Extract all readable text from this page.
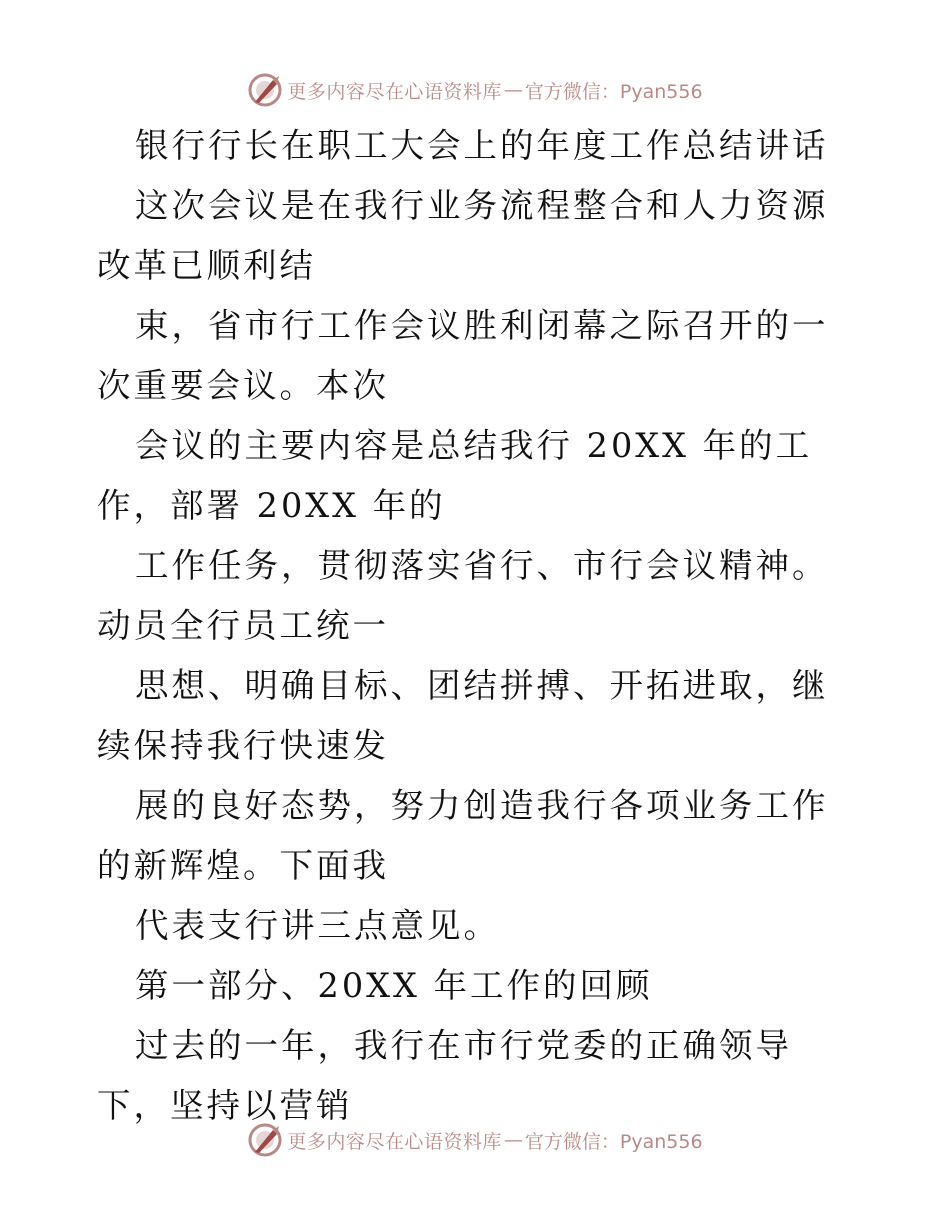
更多内容尽在心语资料库 — 官方微信：Pyan556

银行行长在职工大会上的年度工作总结讲话

这次会议是在我行业务流程整合和人力资源改革已顺利结

束，省市行工作会议胜利闭幕之际召开的一次重要会议。本次

会议的主要内容是总结我行 20XX 年的工作，部署 20XX 年的

工作任务，贯彻落实省行、市行会议精神。动员全行员工统一

思想、明确目标、团结拼搏、开拓进取，继续保持我行快速发

展的良好态势，努力创造我行各项业务工作的新辉煌。下面我

代表支行讲三点意见。

第一部分、20XX 年工作的回顾

过去的一年，我行在市行党委的正确领导下，坚持以营销

更多内容尽在心语资料库 — 官方微信：Pyan556
